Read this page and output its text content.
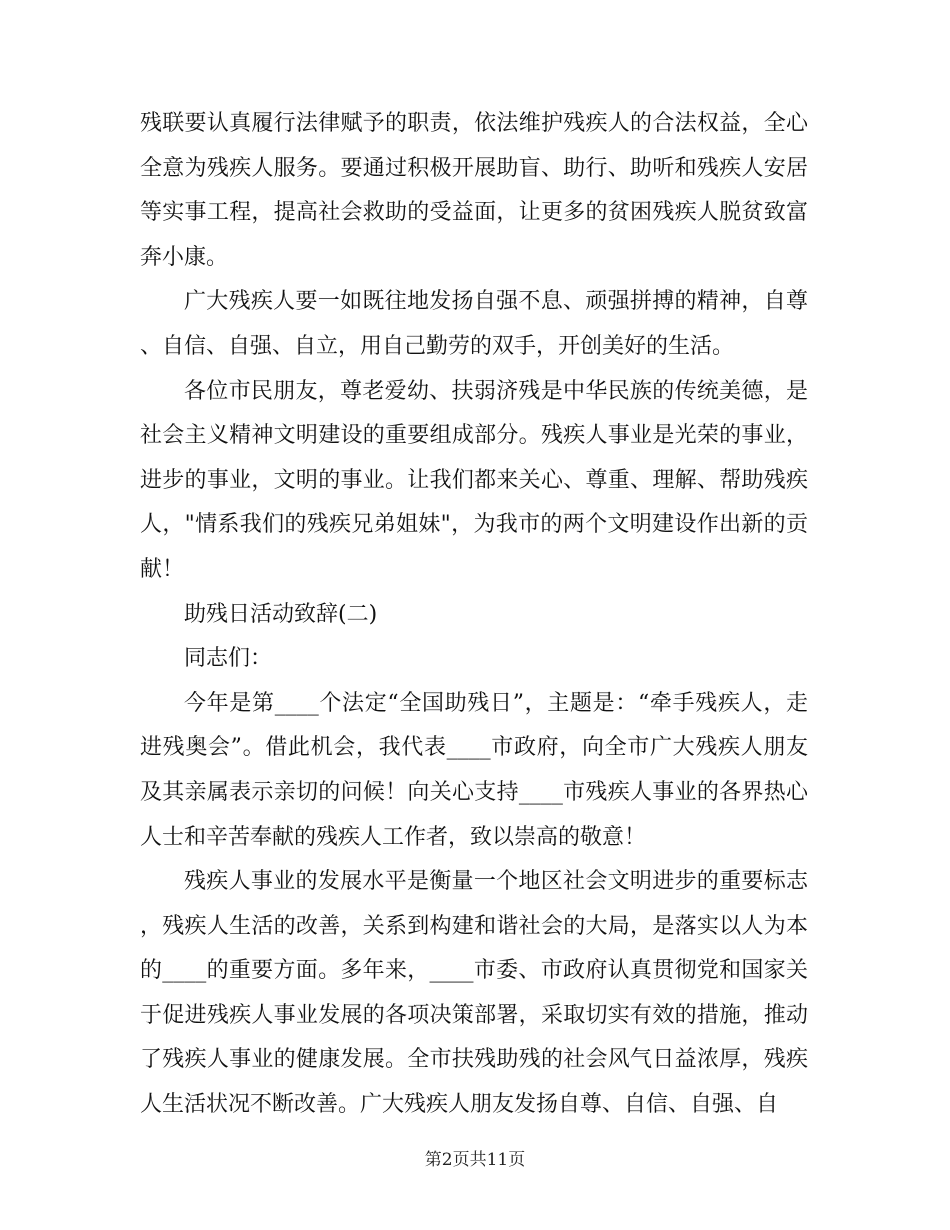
残联要认真履行法律赋予的职责，依法维护残疾人的合法权益，全心全意为残疾人服务。要通过积极开展助盲、助行、助听和残疾人安居等实事工程，提高社会救助的受益面，让更多的贫困残疾人脱贫致富奔小康。

广大残疾人要一如既往地发扬自强不息、顽强拼搏的精神，自尊、自信、自强、自立，用自己勤劳的双手，开创美好的生活。

各位市民朋友，尊老爱幼、扶弱济残是中华民族的传统美德，是社会主义精神文明建设的重要组成部分。残疾人事业是光荣的事业，进步的事业，文明的事业。让我们都来关心、尊重、理解、帮助残疾人，"情系我们的残疾兄弟姐妹"，为我市的两个文明建设作出新的贡献！

助残日活动致辞(二)

同志们：

今年是第____个法定“全国助残日”，主题是：“牵手残疾人，走进残奥会”。借此机会，我代表____市政府，向全市广大残疾人朋友及其亲属表示亲切的问候！向关心支持____市残疾人事业的各界热心人士和辛苦奉献的残疾人工作者，致以崇高的敬意！

残疾人事业的发展水平是衡量一个地区社会文明进步的重要标志，残疾人生活的改善，关系到构建和谐社会的大局，是落实以人为本的____的重要方面。多年来，____市委、市政府认真贯彻党和国家关于促进残疾人事业发展的各项决策部署，采取切实有效的措施，推动了残疾人事业的健康发展。全市扶残助残的社会风气日益浓厚，残疾人生活状况不断改善。广大残疾人朋友发扬自尊、自信、自强、自

第2页共11页
